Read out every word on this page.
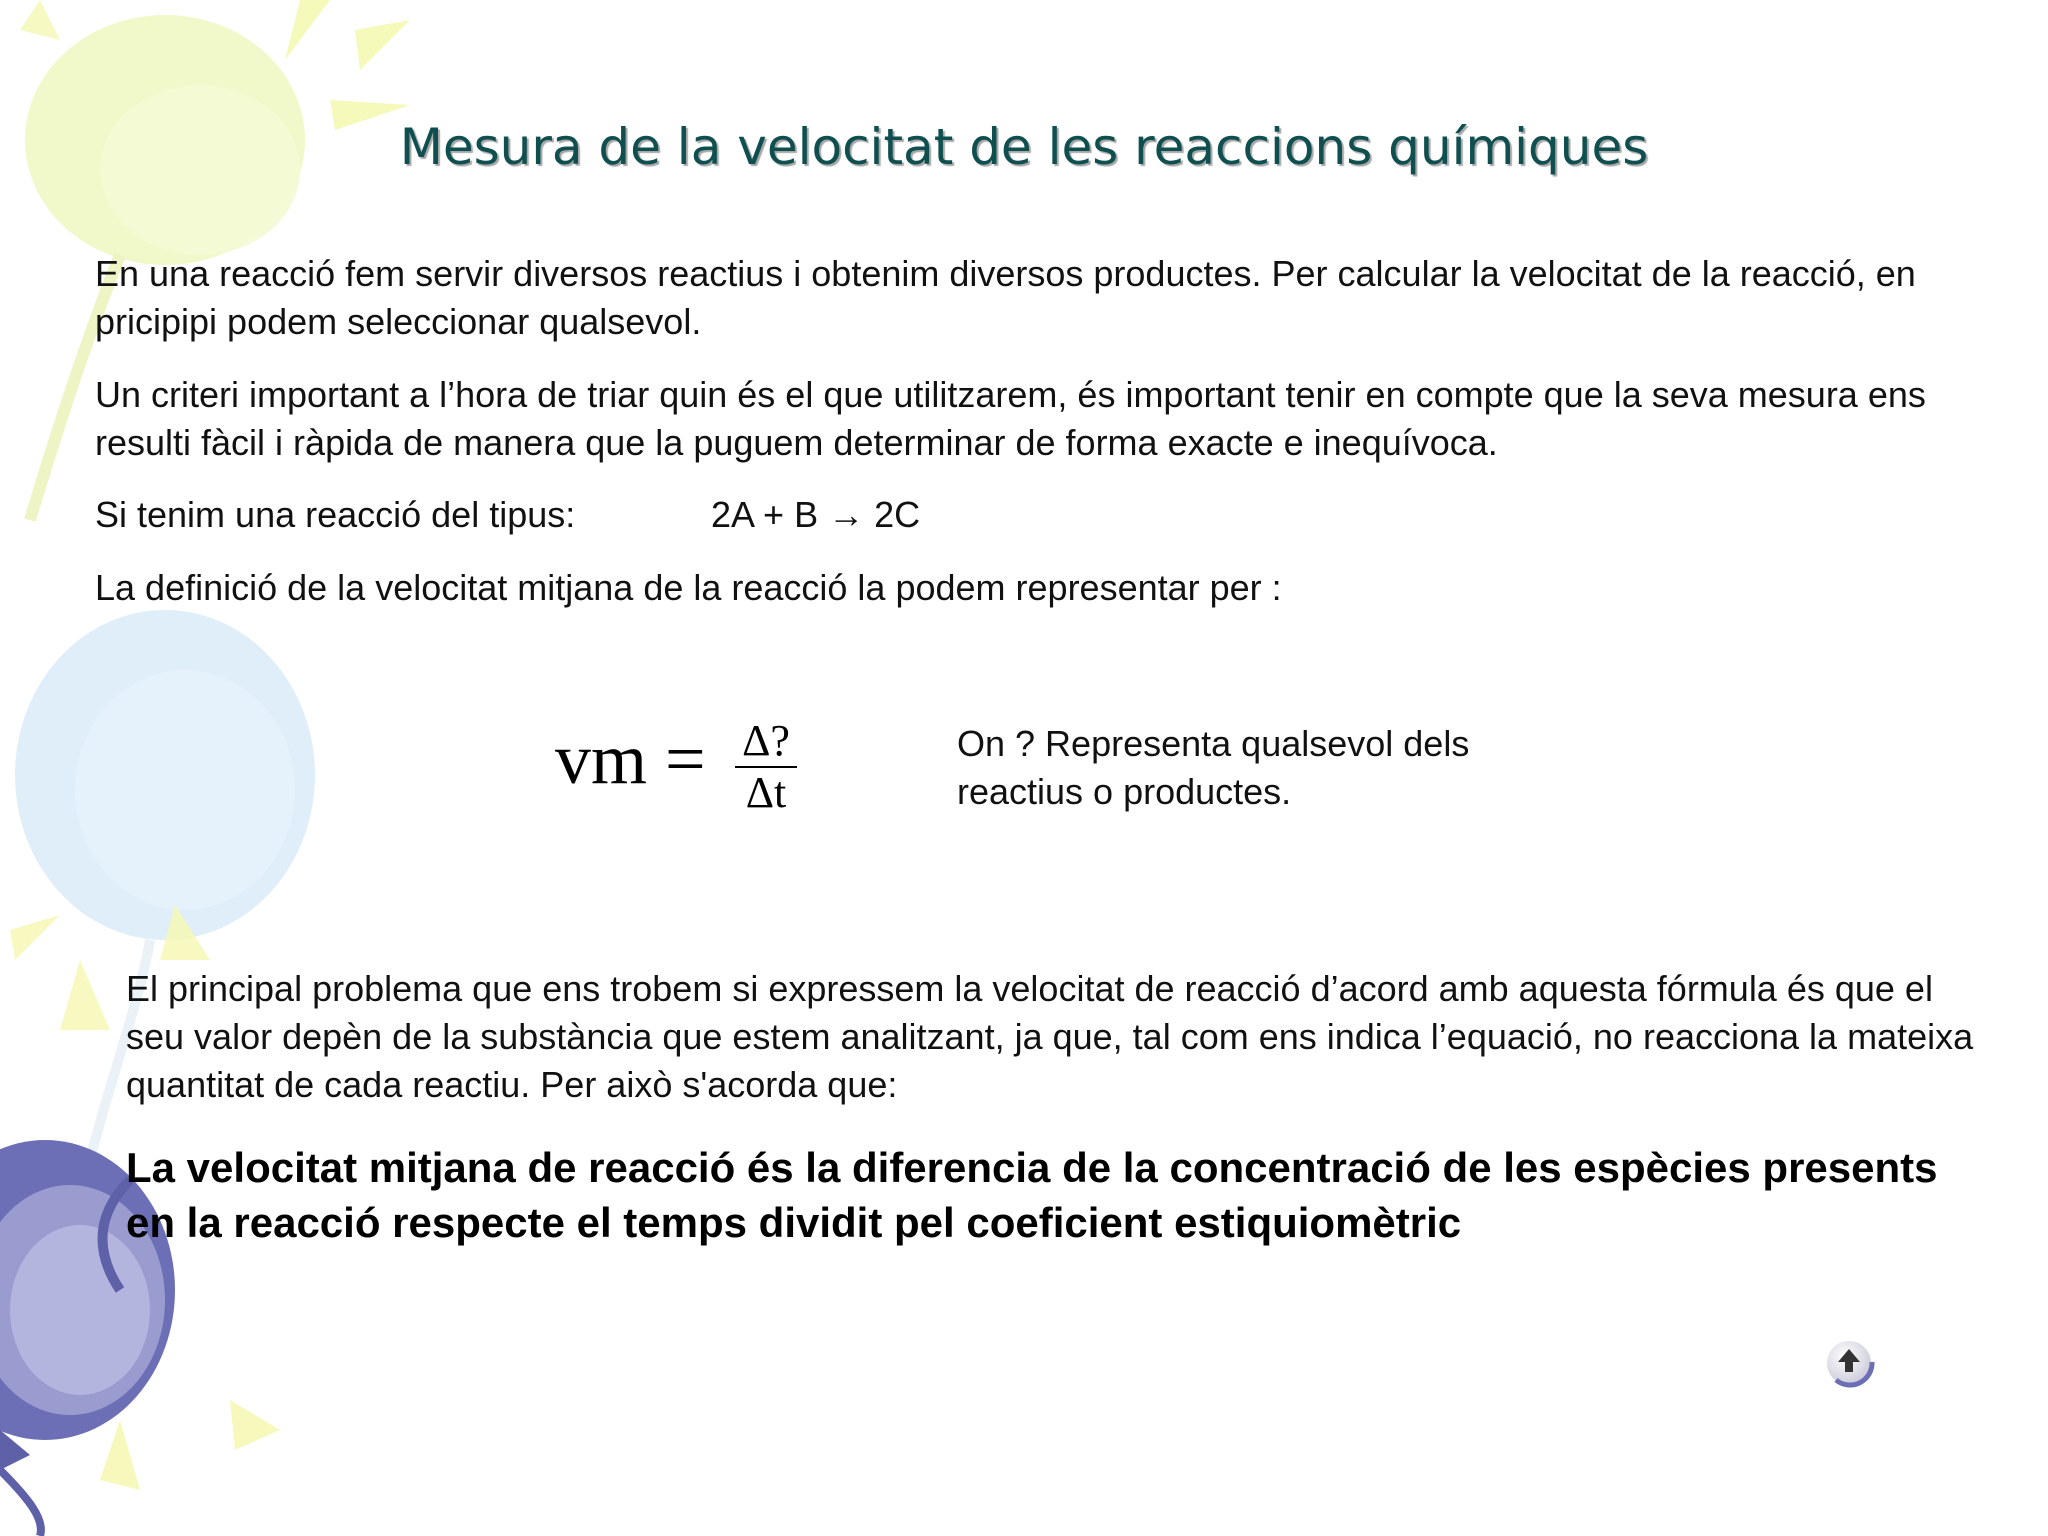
Mesura de la velocitat de les reaccions químiques

En una reacció fem servir diversos reactius i obtenim diversos productes. Per calcular la velocitat de la reacció, en pricipipi podem seleccionar qualsevol.

Un criteri important a l’hora de triar quin és el que utilitzarem, és important tenir en compte que la seva mesura ens resulti fàcil i ràpida de manera que la puguem determinar de forma exacte e inequívoca.

Si tenim una reacció del tipus:	2A + B → 2C

La definició de la velocitat mitjana de la reacció la podem representar per :

vm = Δ?
Δt
On ? Representa qualsevol dels reactius o productes.

El principal problema que ens trobem si expressem la velocitat de reacció d’acord amb aquesta fórmula és que el seu valor depèn de la substància que estem analitzant, ja que, tal com ens indica l’equació, no reacciona la mateixa quantitat de cada reactiu. Per això s'acorda que:

La velocitat mitjana de reacció és la diferencia de la concentració de les espècies presents en la reacció respecte el temps dividit pel coeficient estiquiomètric
